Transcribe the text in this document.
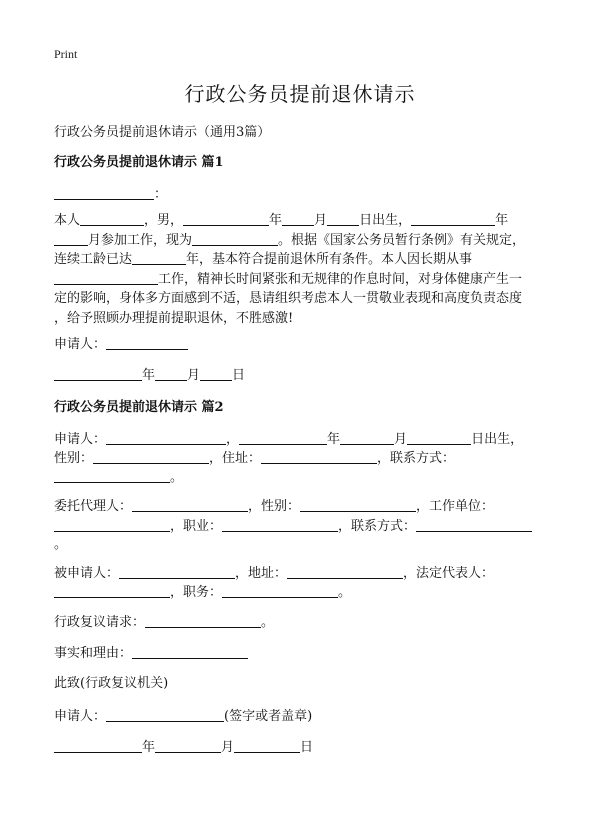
Print
行政公务员提前退休请示
行政公务员提前退休请示（通用3篇）
行政公务员提前退休请示 篇1
：
本人	，男，	年 月 日出生，	年
月参加工作，现为	。根据《国家公务员暂行条例》有关规定，
连续工龄已达	年，基本符合提前退休所有条件。本人因长期从事
工作，精神长时间紧张和无规律的作息时间，对身体健康产生一
定的影响，身体多方面感到不适，恳请组织考虑本人一贯敬业表现和高度负责态度
，给予照顾办理提前提职退休，不胜感激!
申请人：
年 月 日
行政公务员提前退休请示 篇2
申请人：	，	年	月	日出生，
性别：	，住址：	，联系方式：
。
委托代理人：	，性别：	，工作单位：
，职业：	，联系方式：
。
被申请人：	，地址：	，法定代表人：
，职务：	。
行政复议请求：	。
事实和理由：
此致(行政复议机关)
申请人：	(签字或者盖章)
年	月	日
